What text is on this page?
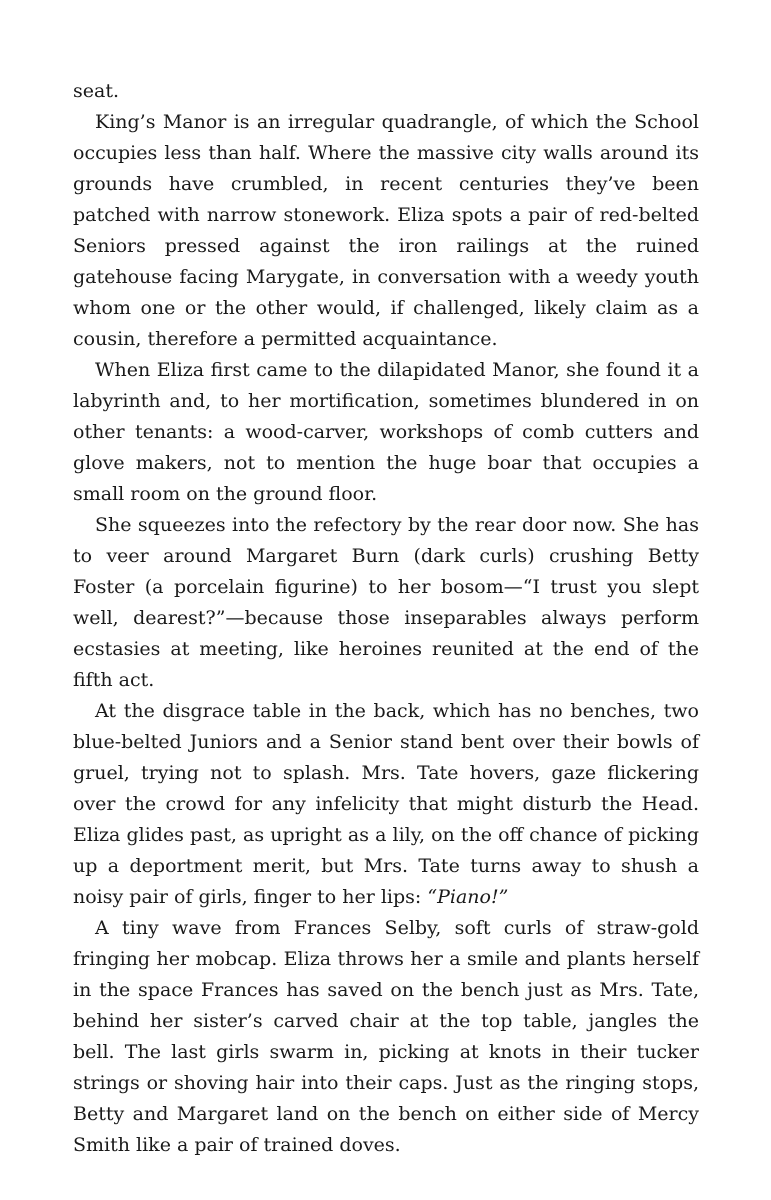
seat.

King’s Manor is an irregular quadrangle, of which the School occupies less than half. Where the massive city walls around its grounds have crumbled, in recent centuries they’ve been patched with narrow stonework. Eliza spots a pair of red-belted Seniors pressed against the iron railings at the ruined gatehouse facing Marygate, in conversation with a weedy youth whom one or the other would, if challenged, likely claim as a cousin, therefore a permitted acquaintance.

When Eliza first came to the dilapidated Manor, she found it a labyrinth and, to her mortification, sometimes blundered in on other tenants: a wood-carver, workshops of comb cutters and glove makers, not to mention the huge boar that occupies a small room on the ground floor.

She squeezes into the refectory by the rear door now. She has to veer around Margaret Burn (dark curls) crushing Betty Foster (a porcelain figurine) to her bosom—“I trust you slept well, dearest?”—because those inseparables always perform ecstasies at meeting, like heroines reunited at the end of the fifth act.

At the disgrace table in the back, which has no benches, two blue-belted Juniors and a Senior stand bent over their bowls of gruel, trying not to splash. Mrs. Tate hovers, gaze flickering over the crowd for any infelicity that might disturb the Head. Eliza glides past, as upright as a lily, on the off chance of picking up a deportment merit, but Mrs. Tate turns away to shush a noisy pair of girls, finger to her lips: “Piano!”

A tiny wave from Frances Selby, soft curls of straw-gold fringing her mobcap. Eliza throws her a smile and plants herself in the space Frances has saved on the bench just as Mrs. Tate, behind her sister’s carved chair at the top table, jangles the bell. The last girls swarm in, picking at knots in their tucker strings or shoving hair into their caps. Just as the ringing stops, Betty and Margaret land on the bench on either side of Mercy Smith like a pair of trained doves.
